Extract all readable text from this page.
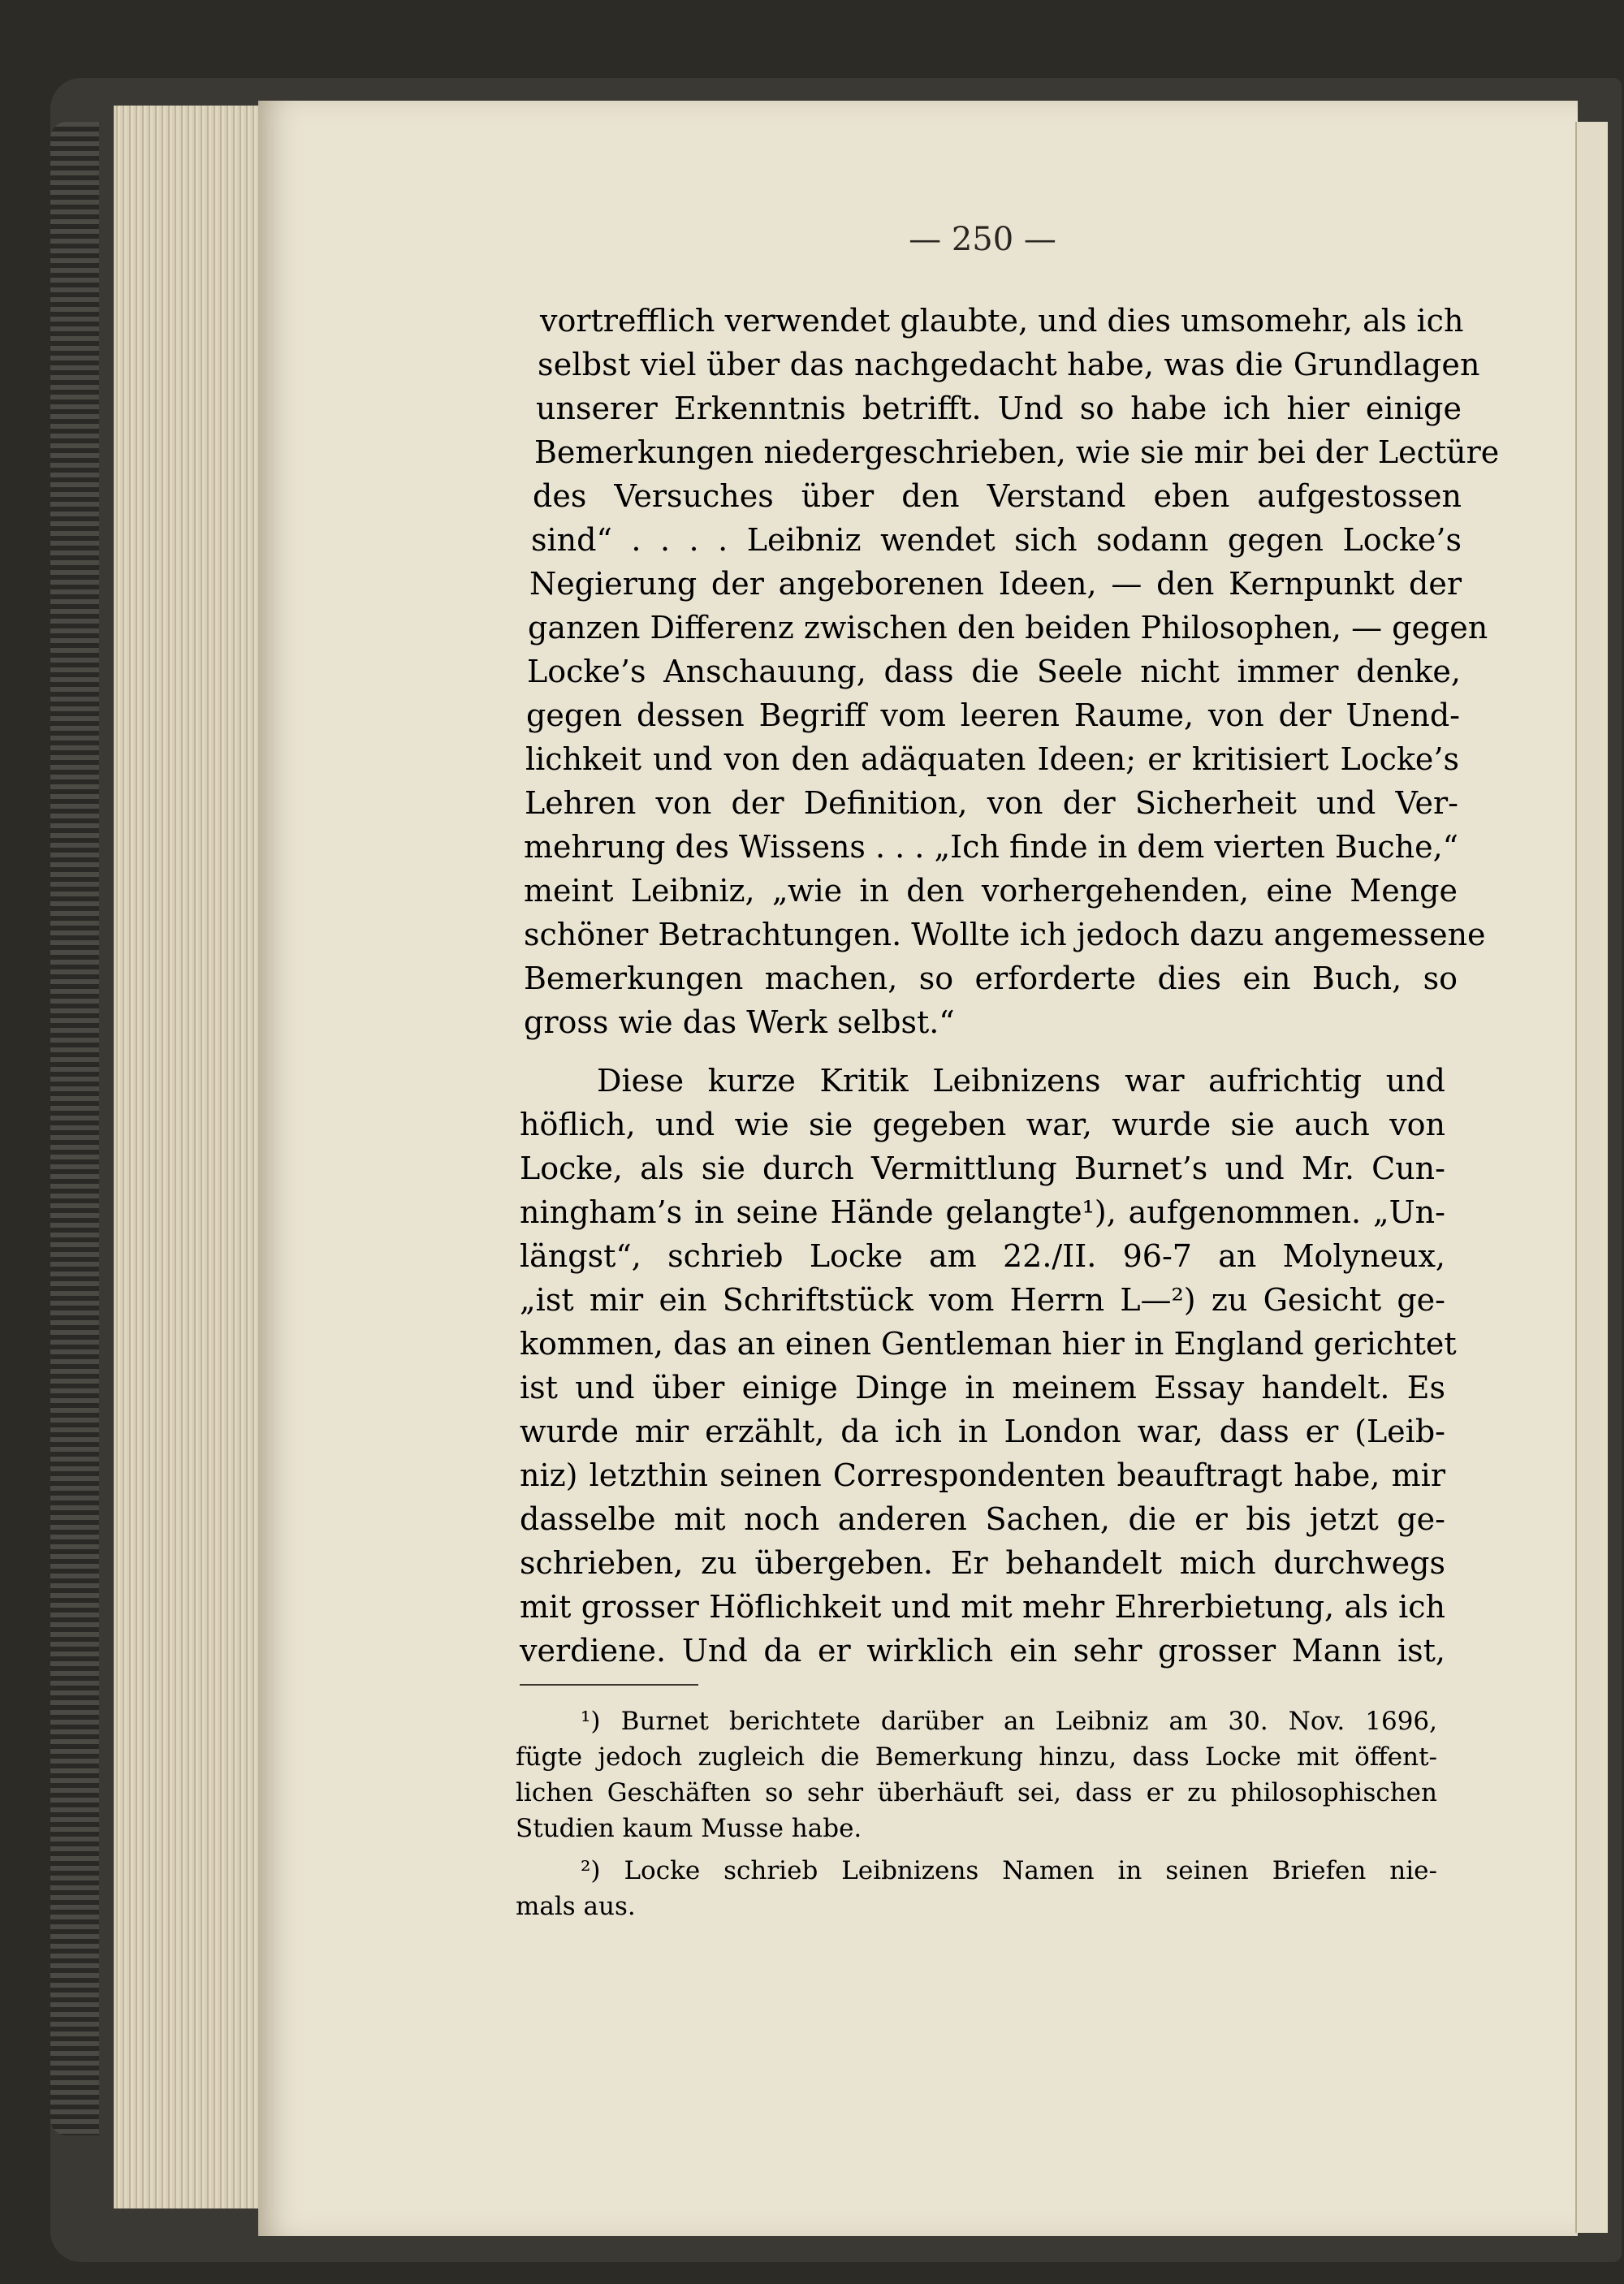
— 250 —

vortrefflich verwendet glaubte, und dies umsomehr, als ich

selbst viel über das nachgedacht habe, was die Grundlagen

unserer Erkenntnis betrifft. Und so habe ich hier einige

Bemerkungen niedergeschrieben, wie sie mir bei der Lectüre

des Versuches über den Verstand eben aufgestossen

sind“ . . . . Leibniz wendet sich sodann gegen Locke’s

Negierung der angeborenen Ideen, — den Kernpunkt der

ganzen Differenz zwischen den beiden Philosophen, — gegen

Locke’s Anschauung, dass die Seele nicht immer denke,

gegen dessen Begriff vom leeren Raume, von der Unend-

lichkeit und von den adäquaten Ideen; er kritisiert Locke’s

Lehren von der Definition, von der Sicherheit und Ver-

mehrung des Wissens . . . „Ich finde in dem vierten Buche,“

meint Leibniz, „wie in den vorhergehenden, eine Menge

schöner Betrachtungen. Wollte ich jedoch dazu angemessene

Bemerkungen machen, so erforderte dies ein Buch, so

gross wie das Werk selbst.“

Diese kurze Kritik Leibnizens war aufrichtig und

höflich, und wie sie gegeben war, wurde sie auch von

Locke, als sie durch Vermittlung Burnet’s und Mr. Cun-

ningham’s in seine Hände gelangte¹), aufgenommen. „Un-

längst“, schrieb Locke am 22./II. 96-7 an Molyneux,

„ist mir ein Schriftstück vom Herrn L—²) zu Gesicht ge-

kommen, das an einen Gentleman hier in England gerichtet

ist und über einige Dinge in meinem Essay handelt. Es

wurde mir erzählt, da ich in London war, dass er (Leib-

niz) letzthin seinen Correspondenten beauftragt habe, mir

dasselbe mit noch anderen Sachen, die er bis jetzt ge-

schrieben, zu übergeben. Er behandelt mich durchwegs

mit grosser Höflichkeit und mit mehr Ehrerbietung, als ich

verdiene. Und da er wirklich ein sehr grosser Mann ist,

¹) Burnet berichtete darüber an Leibniz am 30. Nov. 1696,

fügte jedoch zugleich die Bemerkung hinzu, dass Locke mit öffent-

lichen Geschäften so sehr überhäuft sei, dass er zu philosophischen

Studien kaum Musse habe.

²) Locke schrieb Leibnizens Namen in seinen Briefen nie-

mals aus.
